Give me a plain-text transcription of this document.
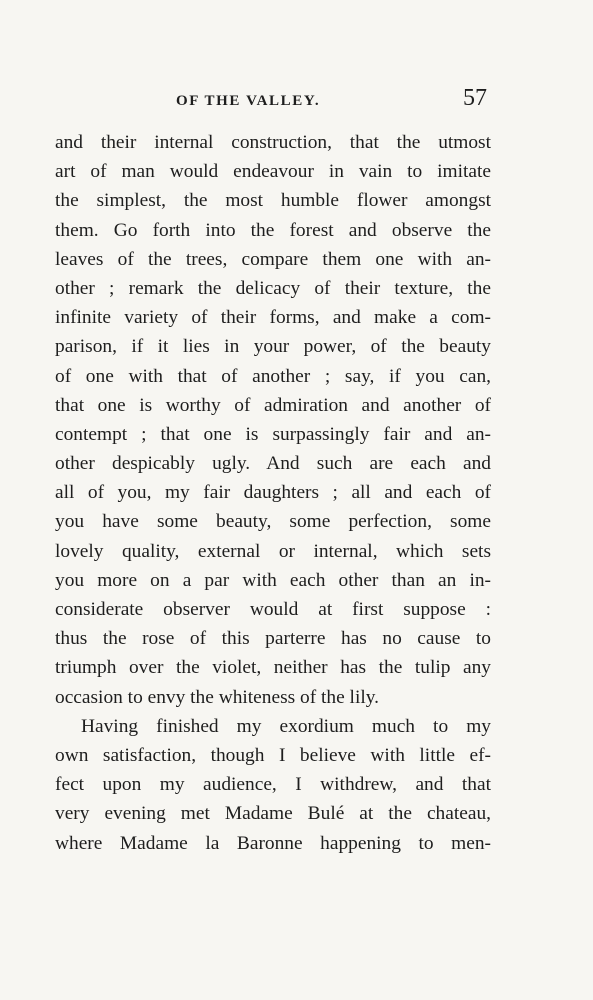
OF THE VALLEY.	57
and their internal construction, that the utmost
art of man would endeavour in vain to imitate
the simplest, the most humble flower amongst
them. Go forth into the forest and observe the
leaves of the trees, compare them one with an-
other ; remark the delicacy of their texture, the
infinite variety of their forms, and make a com-
parison, if it lies in your power, of the beauty
of one with that of another ; say, if you can,
that one is worthy of admiration and another of
contempt ; that one is surpassingly fair and an-
other despicably ugly. And such are each and
all of you, my fair daughters ; all and each of
you have some beauty, some perfection, some
lovely quality, external or internal, which sets
you more on a par with each other than an in-
considerate observer would at first suppose :
thus the rose of this parterre has no cause to
triumph over the violet, neither has the tulip any
occasion to envy the whiteness of the lily.
Having finished my exordium much to my
own satisfaction, though I believe with little ef-
fect upon my audience, I withdrew, and that
very evening met Madame Bulé at the chateau,
where Madame la Baronne happening to men-
